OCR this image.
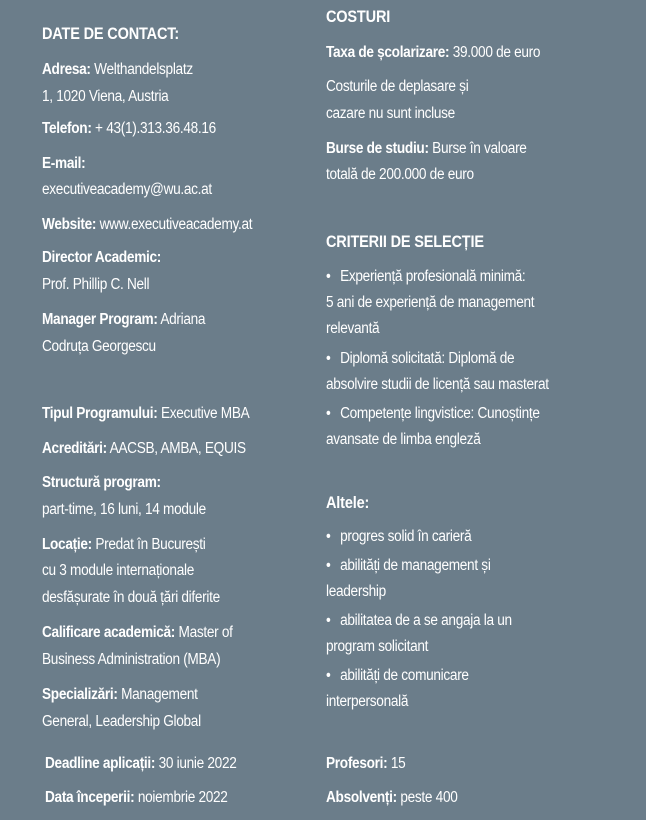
DATE DE CONTACT:
Adresa: Welthandelsplatz
1, 1020 Viena, Austria
Telefon: + 43(1).313.36.48.16
E-mail:
executiveacademy@wu.ac.at
Website: www.executiveacademy.at
Director Academic:
Prof. Phillip C. Nell
Manager Program: Adriana
Codruța Georgescu
Tipul Programului: Executive MBA
Acreditări: AACSB, AMBA, EQUIS
Structură program:
part-time, 16 luni, 14 module
Locație: Predat în București
cu 3 module internaționale
desfășurate în două țări diferite
Calificare academică: Master of
Business Administration (MBA)
Specializări: Management
General, Leadership Global
Deadline aplicații: 30 iunie 2022
Data începerii: noiembrie 2022
COSTURI
Taxa de școlarizare: 39.000 de euro
Costurile de deplasare și
cazare nu sunt incluse
Burse de studiu: Burse în valoare
totală de 200.000 de euro
CRITERII DE SELECȚIE
• Experiență profesională minimă:
5 ani de experiență de management
relevantă
• Diplomă solicitată: Diplomă de
absolvire studii de licență sau masterat
• Competențe lingvistice: Cunoștințe
avansate de limba engleză
Altele:
• progres solid în carieră
• abilități de management și
leadership
• abilitatea de a se angaja la un
program solicitant
• abilități de comunicare
interpersonală
Profesori: 15
Absolvenți: peste 400
